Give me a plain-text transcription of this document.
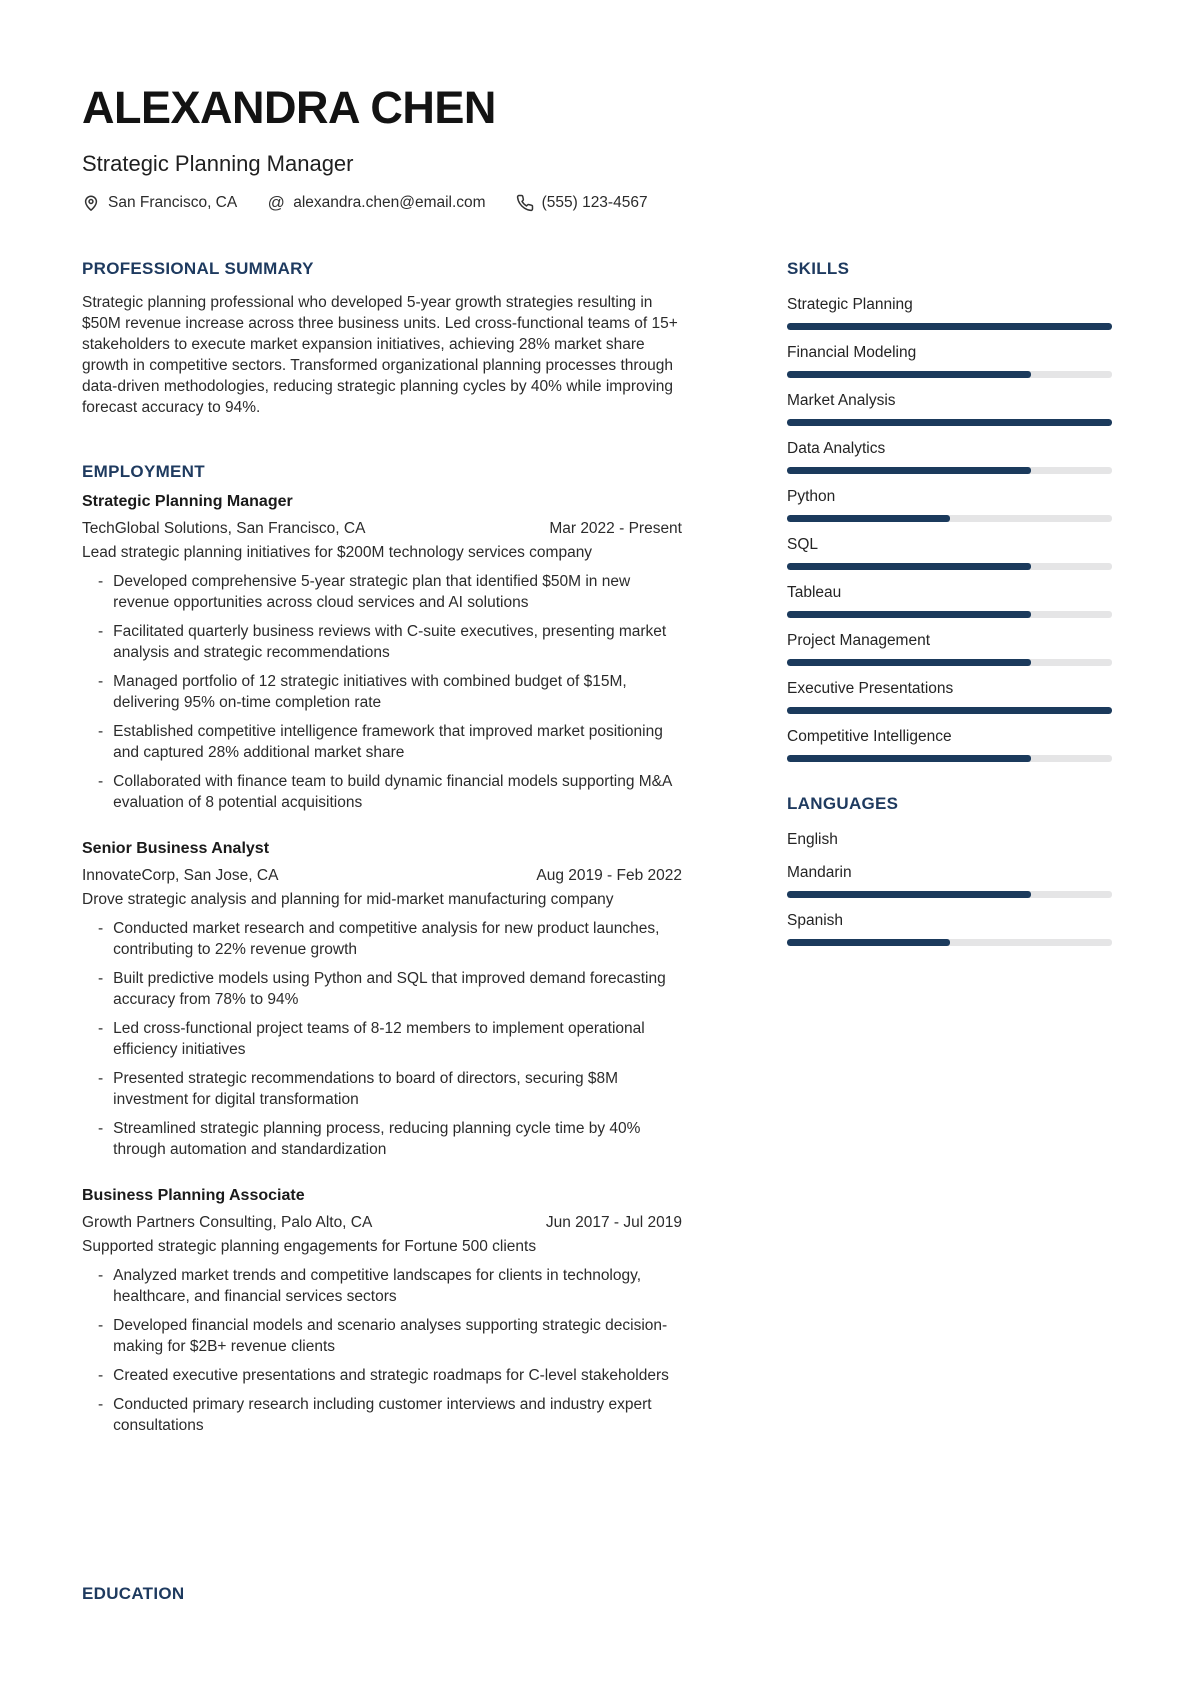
ALEXANDRA CHEN
Strategic Planning Manager
San Francisco, CA @ alexandra.chen@email.com	(555) 123-4567
PROFESSIONAL SUMMARY

Strategic planning professional who developed 5-year growth strategies resulting in $50M revenue increase across three business units. Led cross-functional teams of 15+ stakeholders to execute market expansion initiatives, achieving 28% market share growth in competitive sectors. Transformed organizational planning processes through data-driven methodologies, reducing strategic planning cycles by 40% while improving forecast accuracy to 94%.

EMPLOYMENT
Strategic Planning Manager
TechGlobal Solutions, San Francisco, CA	Mar 2022 - Present

Lead strategic planning initiatives for $200M technology services company

- Developed comprehensive 5-year strategic plan that identified $50M in new revenue opportunities across cloud services and AI solutions
- Facilitated quarterly business reviews with C-suite executives, presenting market analysis and strategic recommendations
- Managed portfolio of 12 strategic initiatives with combined budget of $15M, delivering 95% on-time completion rate
- Established competitive intelligence framework that improved market positioning and captured 28% additional market share
- Collaborated with finance team to build dynamic financial models supporting M&A evaluation of 8 potential acquisitions
Senior Business Analyst
InnovateCorp, San Jose, CA	Aug 2019 - Feb 2022

Drove strategic analysis and planning for mid-market manufacturing company

- Conducted market research and competitive analysis for new product launches, contributing to 22% revenue growth
- Built predictive models using Python and SQL that improved demand forecasting accuracy from 78% to 94%
- Led cross-functional project teams of 8-12 members to implement operational efficiency initiatives
- Presented strategic recommendations to board of directors, securing $8M investment for digital transformation
- Streamlined strategic planning process, reducing planning cycle time by 40% through automation and standardization
Business Planning Associate
Growth Partners Consulting, Palo Alto, CA	Jun 2017 - Jul 2019

Supported strategic planning engagements for Fortune 500 clients

- Analyzed market trends and competitive landscapes for clients in technology, healthcare, and financial services sectors
- Developed financial models and scenario analyses supporting strategic decision-making for $2B+ revenue clients
- Created executive presentations and strategic roadmaps for C-level stakeholders
- Conducted primary research including customer interviews and industry expert consultations
EDUCATION
SKILLS
Strategic Planning
Financial Modeling
Market Analysis
Data Analytics
Python
SQL
Tableau
Project Management
Executive Presentations
Competitive Intelligence
LANGUAGES
English
Mandarin
Spanish
